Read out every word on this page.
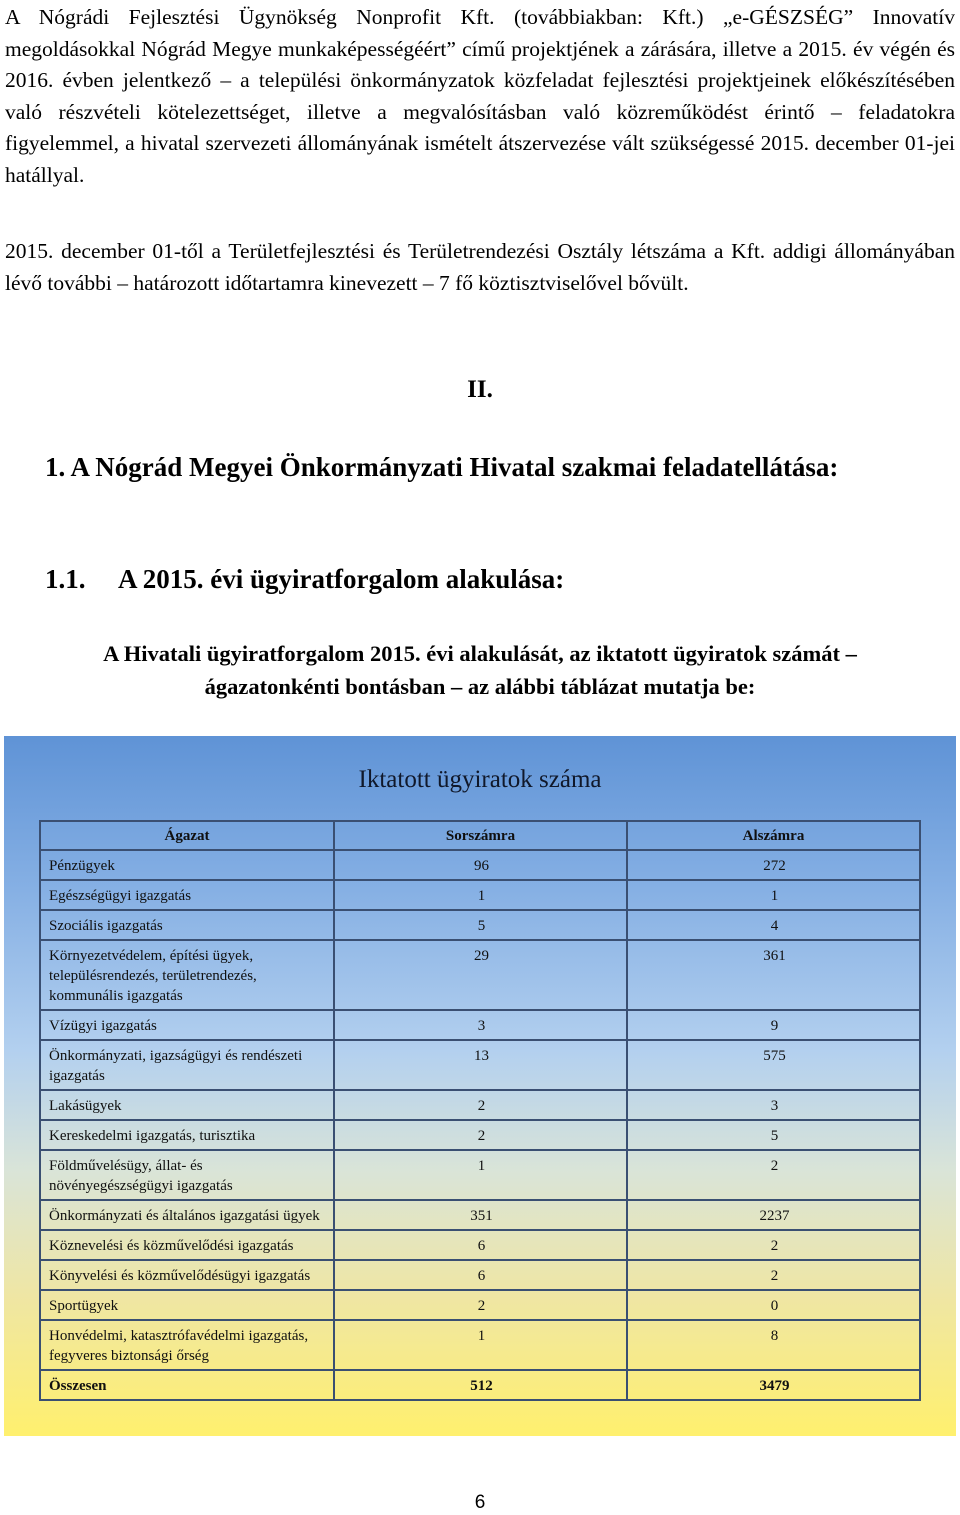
A Nógrádi Fejlesztési Ügynökség Nonprofit Kft. (továbbiakban: Kft.) „e-GÉSZSÉG” Innovatív megoldásokkal Nógrád Megye munkaképességéért” című projektjének a zárására, illetve a 2015. év végén és 2016. évben jelentkező – a települési önkormányzatok közfeladat fejlesztési projektjeinek előkészítésében való részvételi kötelezettséget, illetve a megvalósításban való közreműködést érintő – feladatokra figyelemmel, a hivatal szervezeti állományának ismételt átszervezése vált szükségessé 2015. december 01-jei hatállyal.

2015. december 01-től a Területfejlesztési és Területrendezési Osztály létszáma a Kft. addigi állományában lévő további – határozott időtartamra kinevezett – 7 fő köztisztviselővel bővült.

II.

1. A Nógrád Megyei Önkormányzati Hivatal szakmai feladatellátása:

1.1. A 2015. évi ügyiratforgalom alakulása:

A Hivatali ügyiratforgalom 2015. évi alakulását, az iktatott ügyiratok számát – ágazatonkénti bontásban – az alábbi táblázat mutatja be:

Iktatott ügyiratok száma

Ágazat	Sorszámra	Alszámra
Pénzügyek	96	272
Egészségügyi igazgatás	1	1
Szociális igazgatás	5	4
Környezetvédelem, építési ügyek, településrendezés, területrendezés, kommunális igazgatás	29	361
Vízügyi igazgatás	3	9
Önkormányzati, igazságügyi és rendészeti igazgatás	13	575
Lakásügyek	2	3
Kereskedelmi igazgatás, turisztika	2	5
Földművelésügy, állat- és növényegészségügyi igazgatás	1	2
Önkormányzati és általános igazgatási ügyek	351	2237
Köznevelési és közművelődési igazgatás	6	2
Könyvelési és közművelődésügyi igazgatás	6	2
Sportügyek	2	0
Honvédelmi, katasztrófavédelmi igazgatás, fegyveres biztonsági őrség	1	8
Összesen	512	3479
6
